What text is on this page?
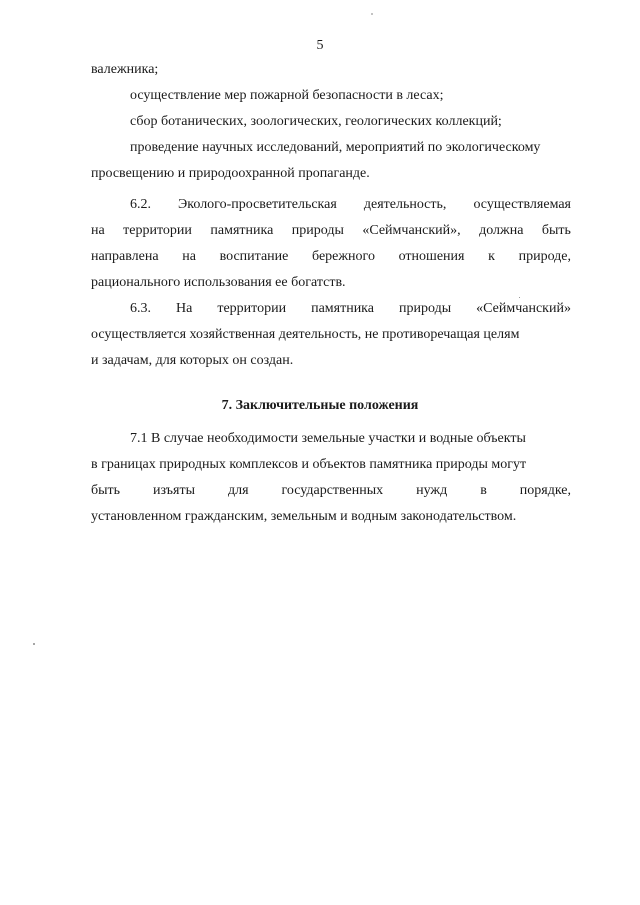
5
валежника;
осуществление мер пожарной безопасности в лесах;
сбор ботанических, зоологических, геологических коллекций;
проведение научных исследований, мероприятий по экологическому
просвещению и природоохранной пропаганде.
6.2. Эколого-просветительская деятельность, осуществляемая
на территории памятника природы «Сеймчанский», должна быть
направлена на воспитание бережного отношения к природе,
рационального использования ее богатств.
6.3. На территории памятника природы «Сеймчанский»
осуществляется хозяйственная деятельность, не противоречащая целям
и задачам, для которых он создан.
7. Заключительные положения
7.1 В случае необходимости земельные участки и водные объекты
в границах природных комплексов и объектов памятника природы могут
быть изъяты для государственных нужд в порядке,
установленном гражданским, земельным и водным законодательством.
